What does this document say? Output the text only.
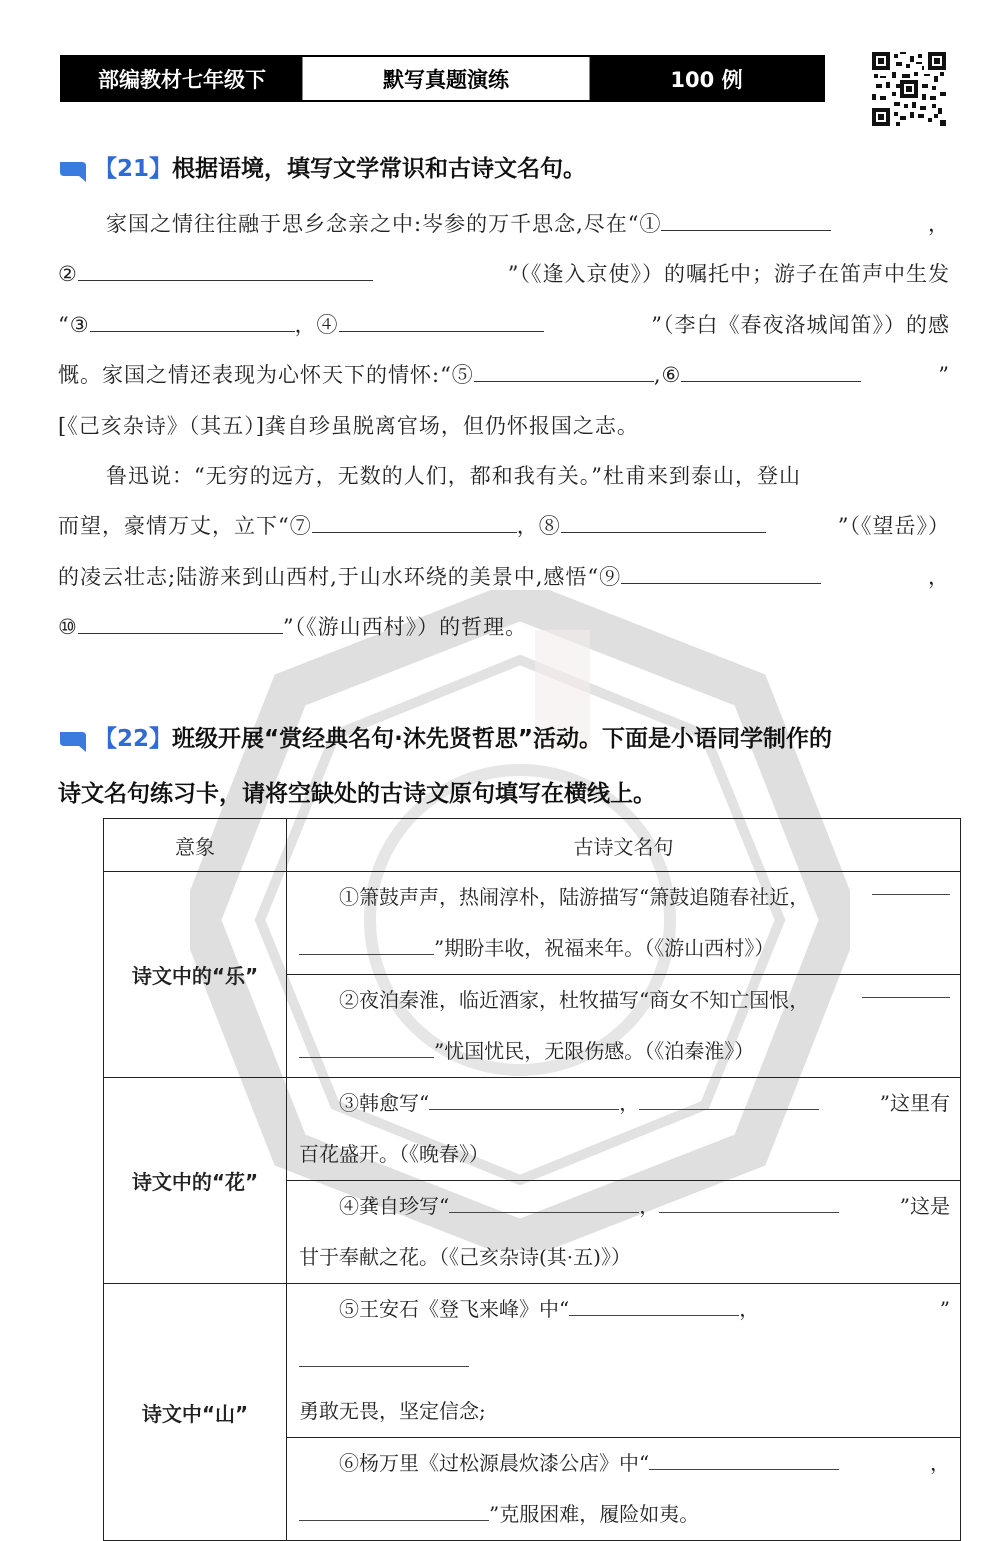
部编教材七年级下	默写真题演练	100 例
【21】根据语境，填写文学常识和古诗文名句。
家国之情往往融于思乡念亲之中:岑参的万千思念,尽在“①	，
②	”（《逢入京使》）的嘱托中；游子在笛声中生发
“③	，④	”（李白《春夜洛城闻笛》）的感
慨。家国之情还表现为心怀天下的情怀:“⑤	,⑥	”
[《己亥杂诗》（其五）]龚自珍虽脱离官场，但仍怀报国之志。
鲁迅说：“无穷的远方，无数的人们，都和我有关。”杜甫来到泰山，登山
而望，豪情万丈，立下“⑦	，⑧	”（《望岳》）
的凌云壮志;陆游来到山西村,于山水环绕的美景中,感悟“⑨	，
⑩	”（《游山西村》）的哲理。
【22】班级开展“赏经典名句·沐先贤哲思”活动。下面是小语同学制作的
诗文名句练习卡，请将空缺处的古诗文原句填写在横线上。
意象	古诗文名句
诗文中的“乐”	①箫鼓声声，热闹淳朴，陆游描写“箫鼓追随春社近，
”期盼丰收，祝福来年。（《游山西村》）

	②夜泊秦淮，临近酒家，杜牧描写“商女不知亡国恨，
”忧国忧民，无限伤感。（《泊秦淮》）

诗文中的“花”	③韩愈写“ ， ”这里有
百花盛开。（《晚春》）

	④龚自珍写“ ， ”这是
甘于奉献之花。（《己亥杂诗(其·五)》）

诗文中“山”	⑤王安石《登飞来峰》中“ ， ”
勇敢无畏，坚定信念;

	⑥杨万里《过松源晨炊漆公店》中“ ，
”克服困难，履险如夷。
